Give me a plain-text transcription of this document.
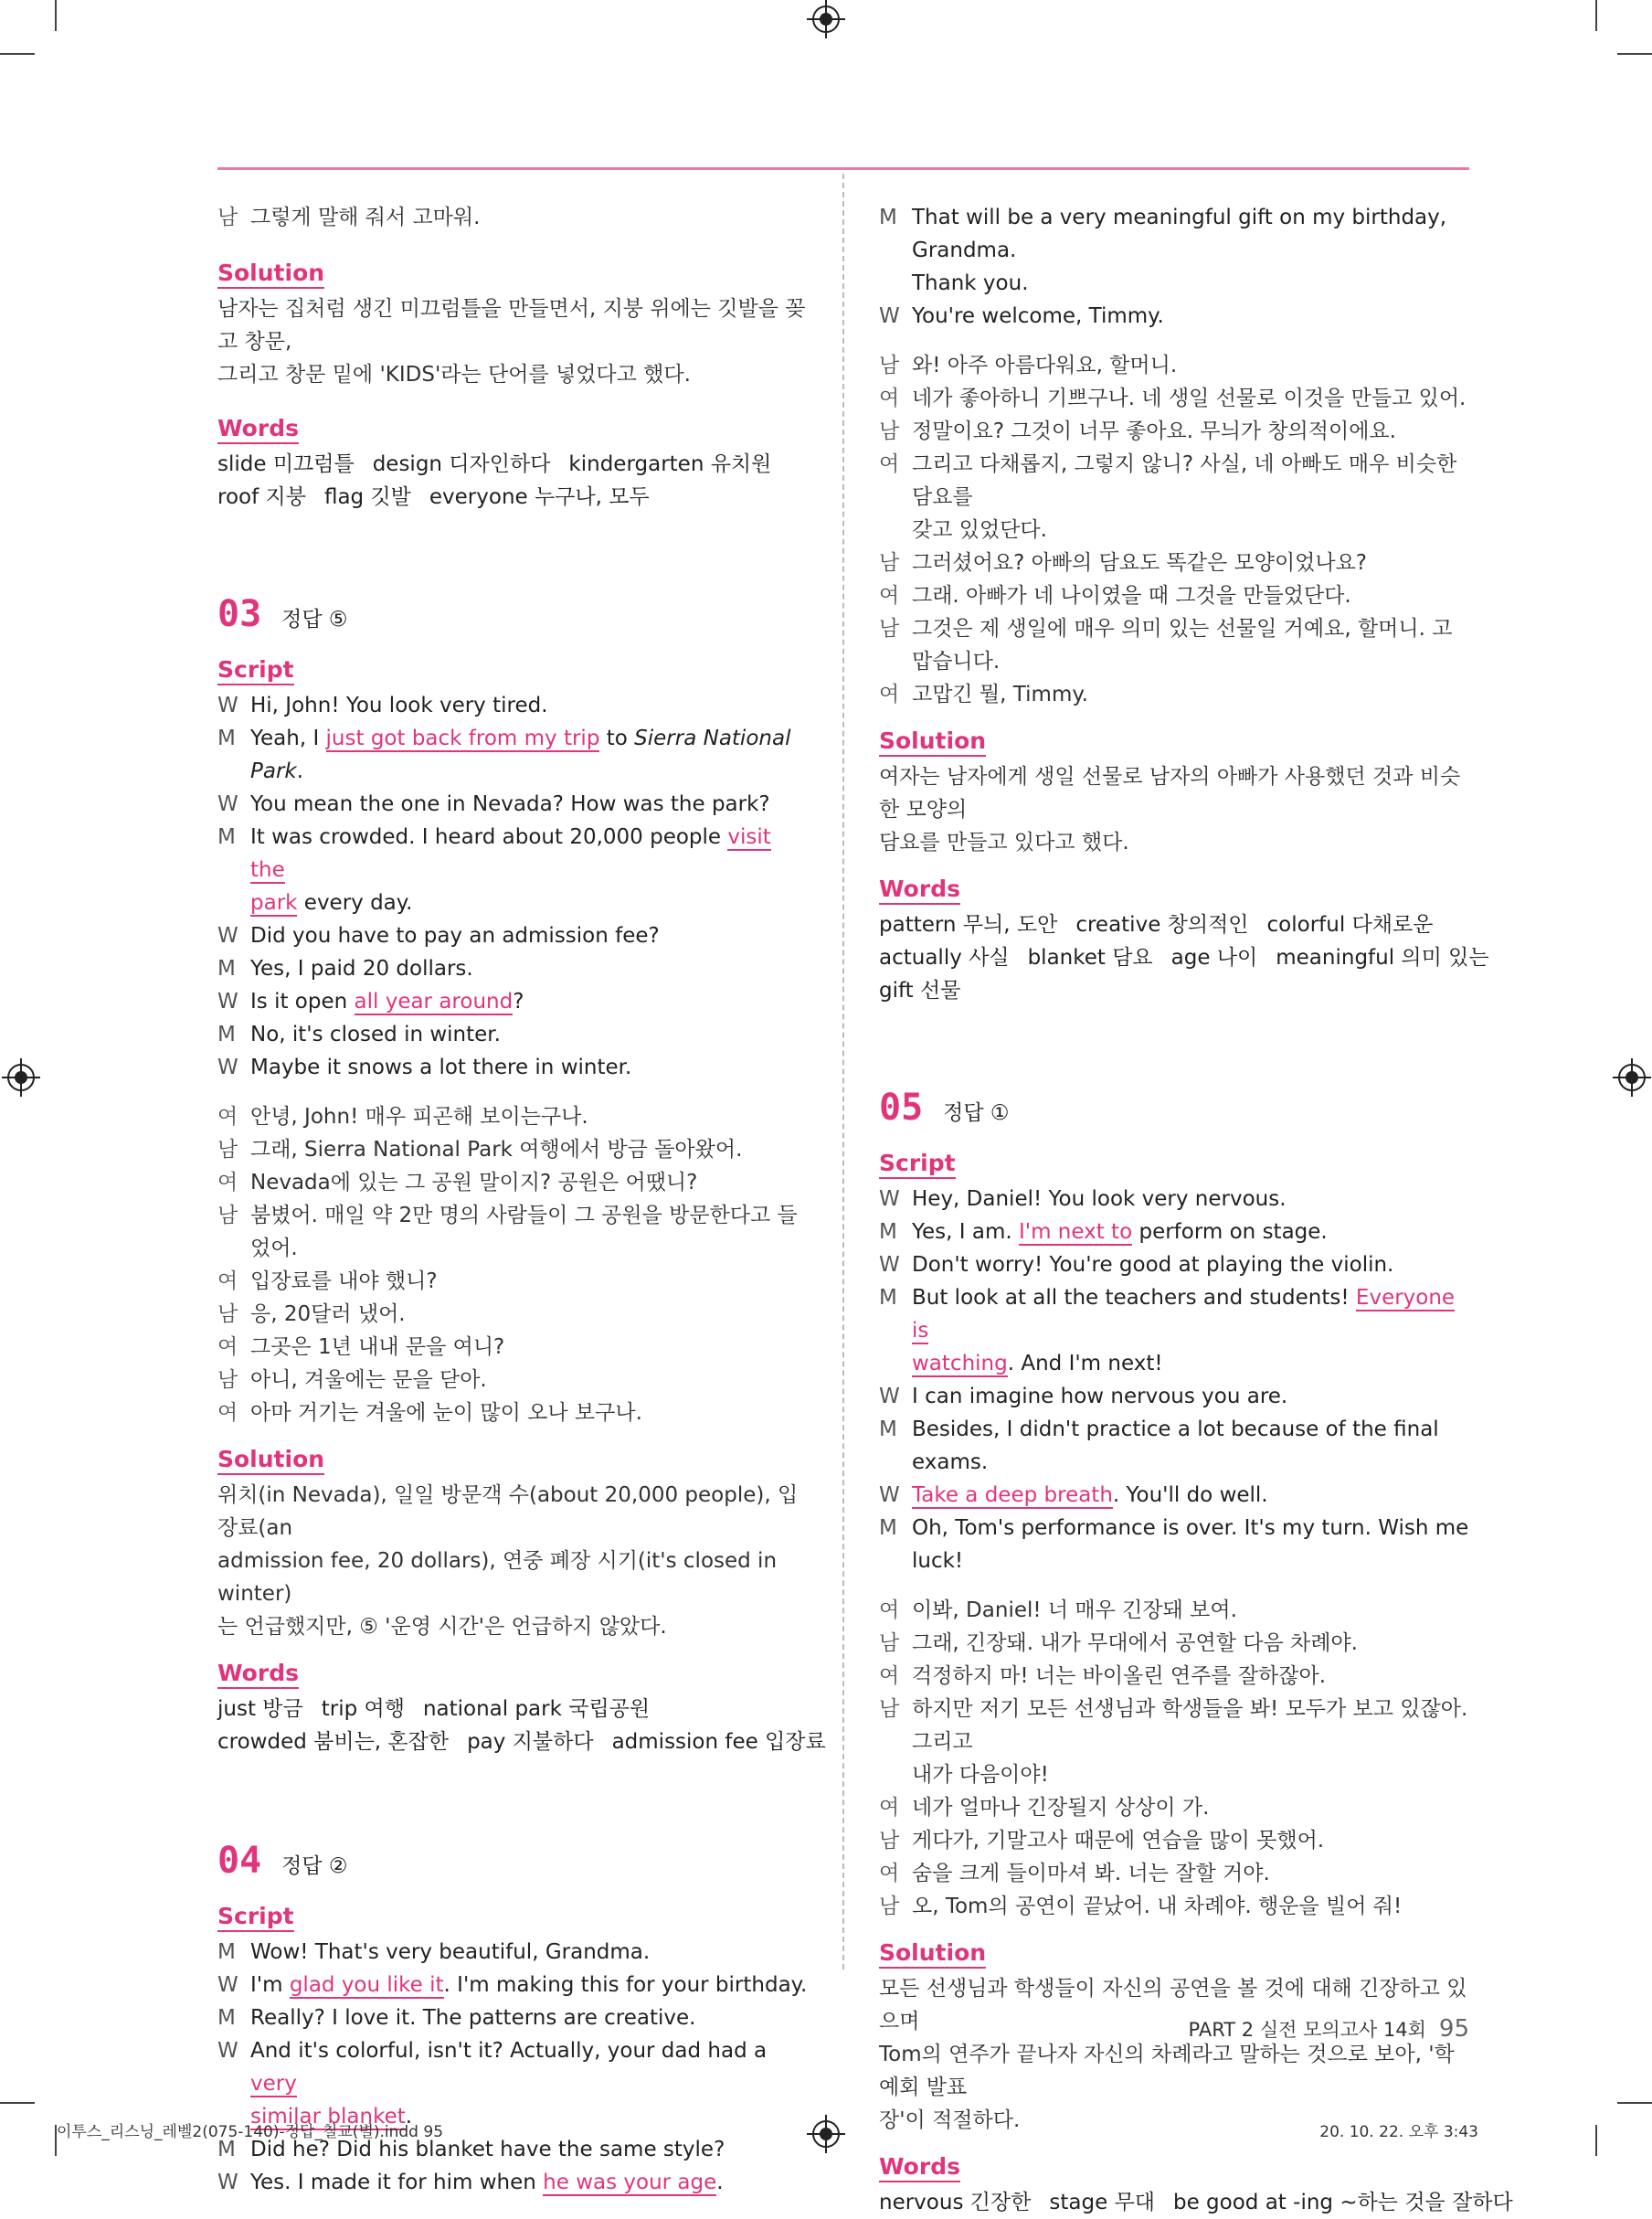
남 그렇게 말해 줘서 고마워.
Solution
남자는 집처럼 생긴 미끄럼틀을 만들면서, 지붕 위에는 깃발을 꽂고 창문,
그리고 창문 밑에 'KIDS'라는 단어를 넣었다고 했다.
Words
slide 미끄럼틀 design 디자인하다 kindergarten 유치원
roof 지붕 flag 깃발 everyone 누구나, 모두
03 정답 ⑤
Script
W Hi, John! You look very tired.
M Yeah, I just got back from my trip to Sierra National
Park.
W You mean the one in Nevada? How was the park?
M It was crowded. I heard about 20,000 people visit the
park every day.
W Did you have to pay an admission fee?
M Yes, I paid 20 dollars.
W Is it open all year around?
M No, it's closed in winter.
W Maybe it snows a lot there in winter.
여 안녕, John! 매우 피곤해 보이는구나.
남 그래, Sierra National Park 여행에서 방금 돌아왔어.
여 Nevada에 있는 그 공원 말이지? 공원은 어땠니?
남 붐볐어. 매일 약 2만 명의 사람들이 그 공원을 방문한다고 들었어.
여 입장료를 내야 했니?
남 응, 20달러 냈어.
여 그곳은 1년 내내 문을 여니?
남 아니, 겨울에는 문을 닫아.
여 아마 거기는 겨울에 눈이 많이 오나 보구나.
Solution
위치(in Nevada), 일일 방문객 수(about 20,000 people), 입장료(an
admission fee, 20 dollars), 연중 폐장 시기(it's closed in winter)
는 언급했지만, ⑤ '운영 시간'은 언급하지 않았다.
Words
just 방금 trip 여행 national park 국립공원
crowded 붐비는, 혼잡한 pay 지불하다 admission fee 입장료
04 정답 ②
Script
M Wow! That's very beautiful, Grandma.
W I'm glad you like it. I'm making this for your birthday.
M Really? I love it. The patterns are creative.
W And it's colorful, isn't it? Actually, your dad had a very
similar blanket.
M Did he? Did his blanket have the same style?
W Yes. I made it for him when he was your age.
M That will be a very meaningful gift on my birthday, Grandma.
Thank you.
W You're welcome, Timmy.
남 와! 아주 아름다워요, 할머니.
여 네가 좋아하니 기쁘구나. 네 생일 선물로 이것을 만들고 있어.
남 정말이요? 그것이 너무 좋아요. 무늬가 창의적이에요.
여 그리고 다채롭지, 그렇지 않니? 사실, 네 아빠도 매우 비슷한 담요를
갖고 있었단다.
남 그러셨어요? 아빠의 담요도 똑같은 모양이었나요?
여 그래. 아빠가 네 나이였을 때 그것을 만들었단다.
남 그것은 제 생일에 매우 의미 있는 선물일 거예요, 할머니. 고맙습니다.
여 고맙긴 뭘, Timmy.
Solution
여자는 남자에게 생일 선물로 남자의 아빠가 사용했던 것과 비슷한 모양의
담요를 만들고 있다고 했다.
Words
pattern 무늬, 도안 creative 창의적인 colorful 다채로운
actually 사실 blanket 담요 age 나이 meaningful 의미 있는
gift 선물
05 정답 ①
Script
W Hey, Daniel! You look very nervous.
M Yes, I am. I'm next to perform on stage.
W Don't worry! You're good at playing the violin.
M But look at all the teachers and students! Everyone is
watching. And I'm next!
W I can imagine how nervous you are.
M Besides, I didn't practice a lot because of the final
exams.
W Take a deep breath. You'll do well.
M Oh, Tom's performance is over. It's my turn. Wish me
luck!
여 이봐, Daniel! 너 매우 긴장돼 보여.
남 그래, 긴장돼. 내가 무대에서 공연할 다음 차례야.
여 걱정하지 마! 너는 바이올린 연주를 잘하잖아.
남 하지만 저기 모든 선생님과 학생들을 봐! 모두가 보고 있잖아. 그리고
내가 다음이야!
여 네가 얼마나 긴장될지 상상이 가.
남 게다가, 기말고사 때문에 연습을 많이 못했어.
여 숨을 크게 들이마셔 봐. 너는 잘할 거야.
남 오, Tom의 공연이 끝났어. 내 차례야. 행운을 빌어 줘!
Solution
모든 선생님과 학생들이 자신의 공연을 볼 것에 대해 긴장하고 있으며
Tom의 연주가 끝나자 자신의 차례라고 말하는 것으로 보아, '학예회 발표
장'이 적절하다.
Words
nervous 긴장한 stage 무대 be good at -ing ~하는 것을 잘하다
PART 2 실전 모의고사 14회 95
이투스_리스닝_레벨2(075-140)-정답_칠교(별).indd 95	20. 10. 22. 오후 3:43
